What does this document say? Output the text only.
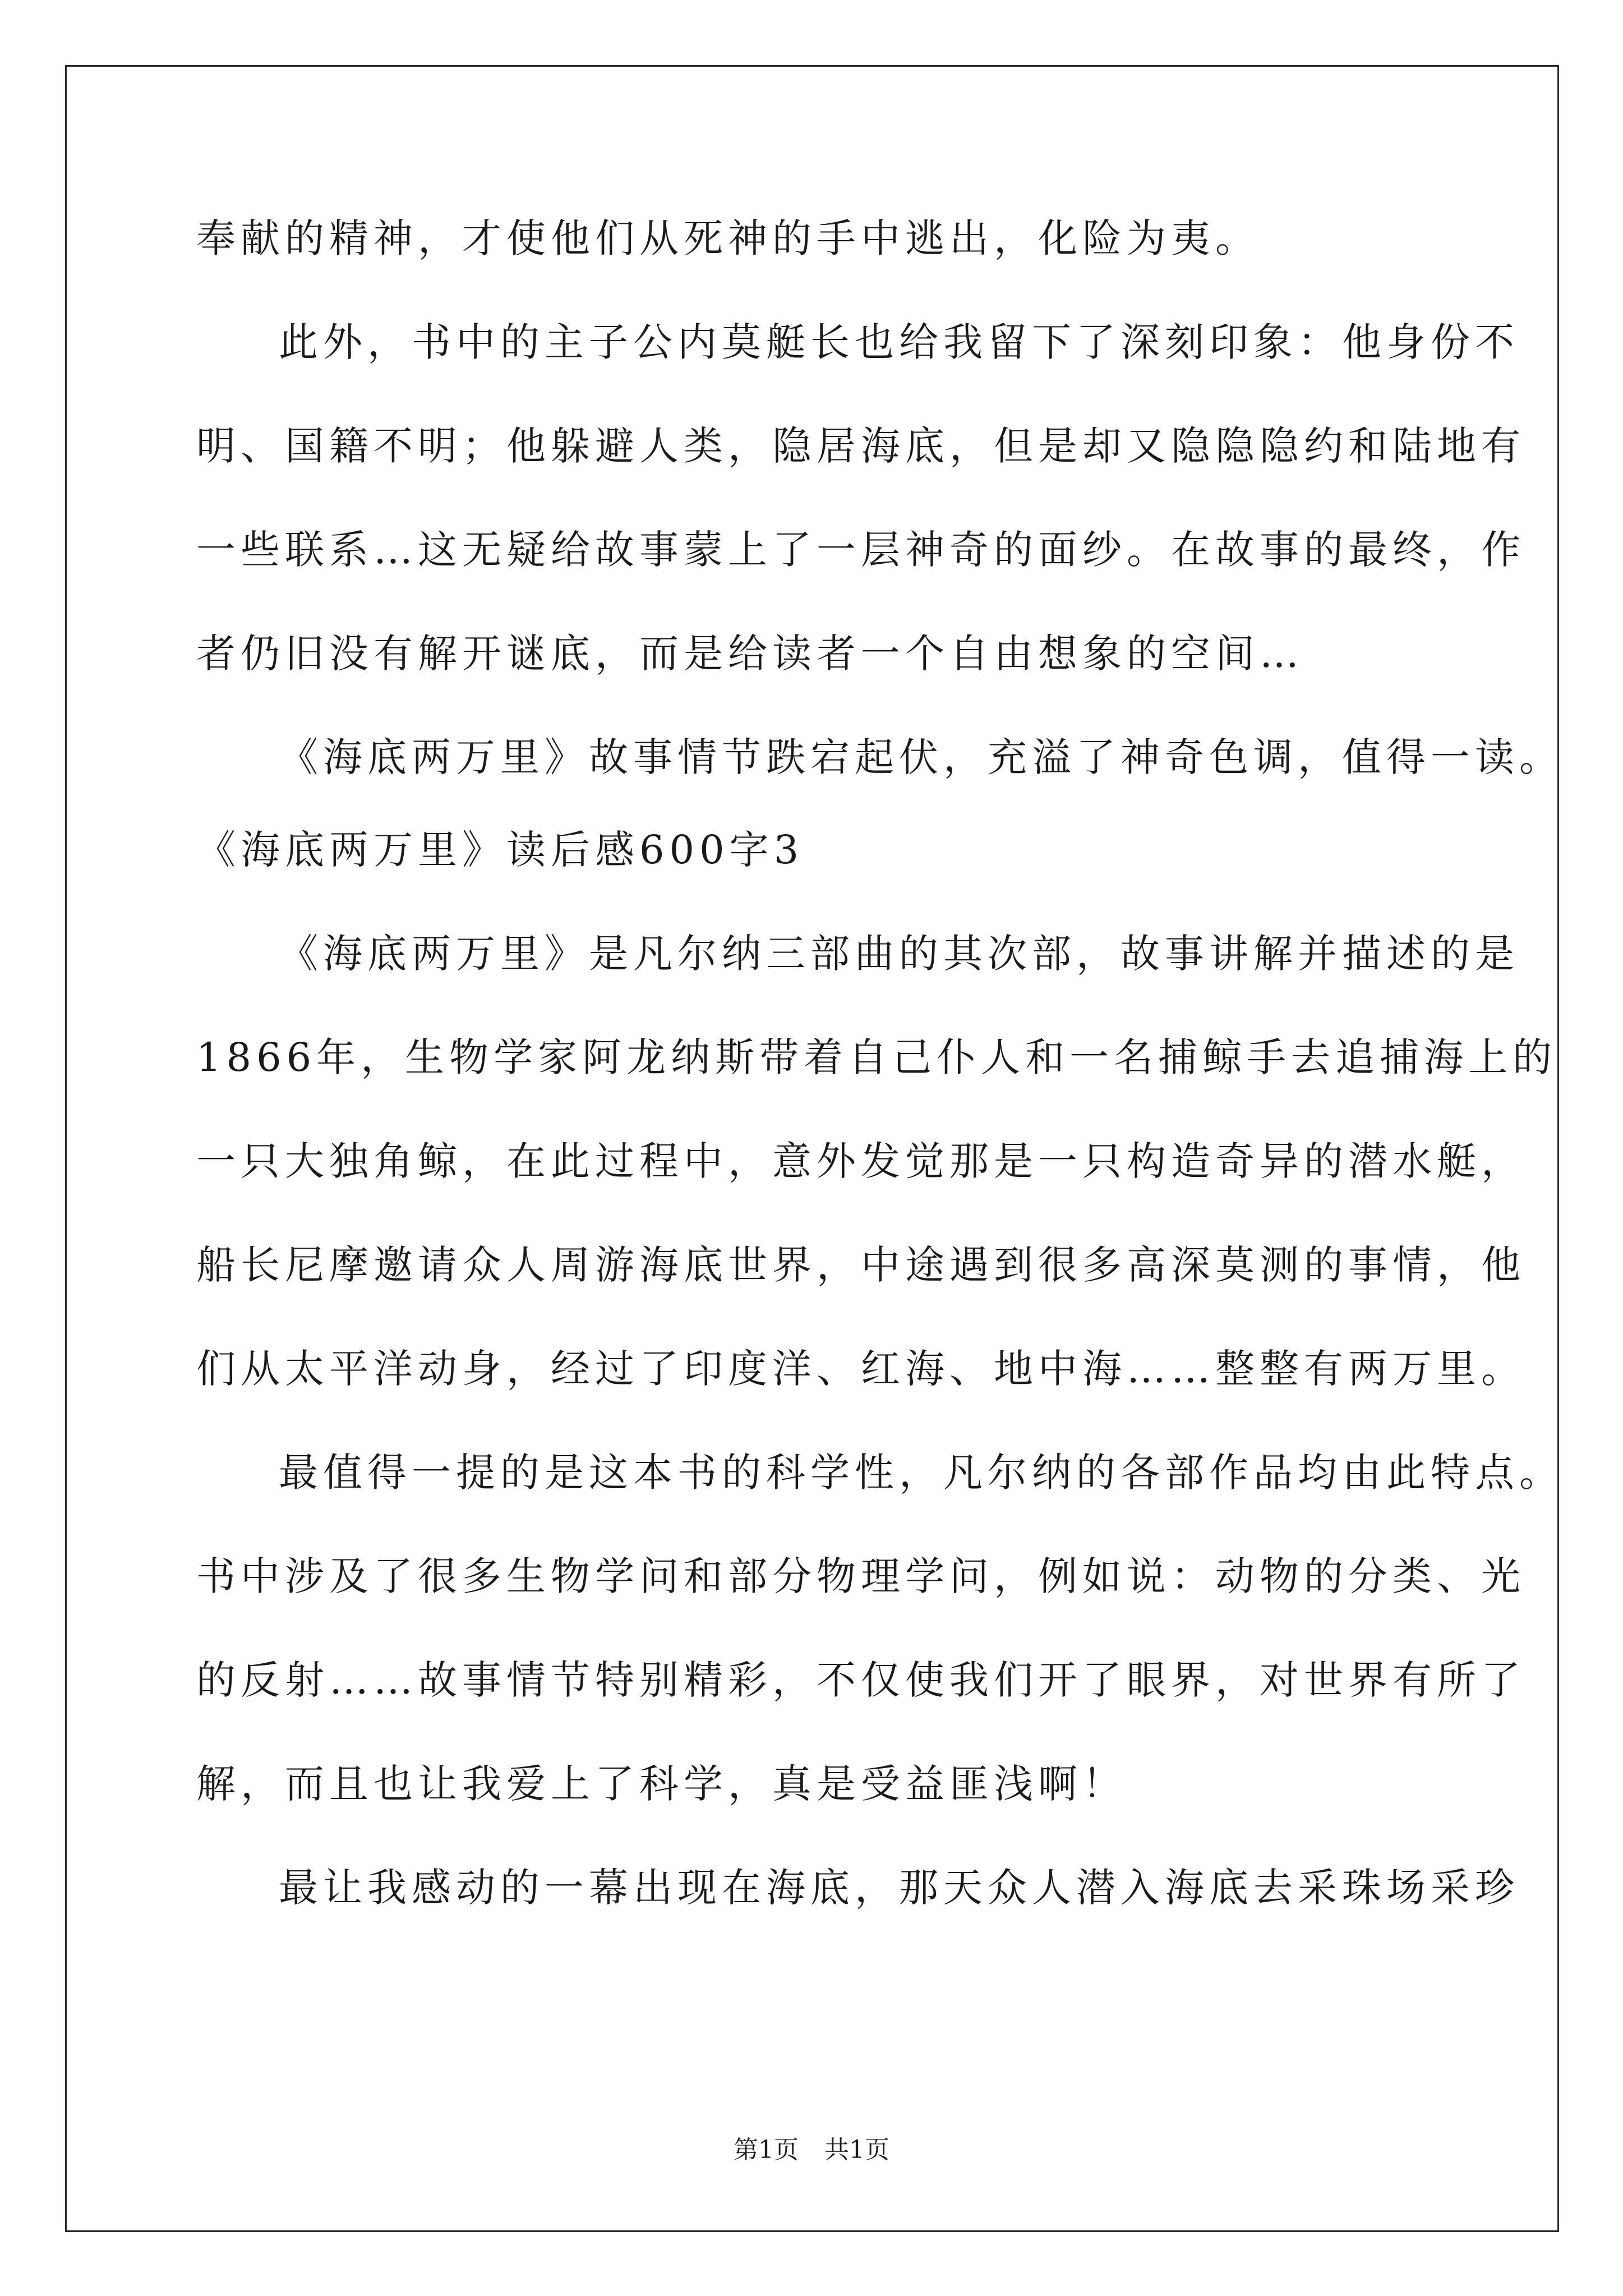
奉献的精神，才使他们从死神的手中逃出，化险为夷。
此外，书中的主子公内莫艇长也给我留下了深刻印象：他身份不
明、国籍不明；他躲避人类，隐居海底，但是却又隐隐隐约和陆地有
一些联系…这无疑给故事蒙上了一层神奇的面纱。在故事的最终，作
者仍旧没有解开谜底，而是给读者一个自由想象的空间…
《海底两万里》故事情节跌宕起伏，充溢了神奇色调，值得一读。
《海底两万里》读后感600字3
《海底两万里》是凡尔纳三部曲的其次部，故事讲解并描述的是
1866年，生物学家阿龙纳斯带着自己仆人和一名捕鲸手去追捕海上的
一只大独角鲸，在此过程中，意外发觉那是一只构造奇异的潜水艇，
船长尼摩邀请众人周游海底世界，中途遇到很多高深莫测的事情，他
们从太平洋动身，经过了印度洋、红海、地中海……整整有两万里。
最值得一提的是这本书的科学性，凡尔纳的各部作品均由此特点。
书中涉及了很多生物学问和部分物理学问，例如说：动物的分类、光
的反射……故事情节特别精彩，不仅使我们开了眼界，对世界有所了
解，而且也让我爱上了科学，真是受益匪浅啊！
最让我感动的一幕出现在海底，那天众人潜入海底去采珠场采珍
第1页 共1页
